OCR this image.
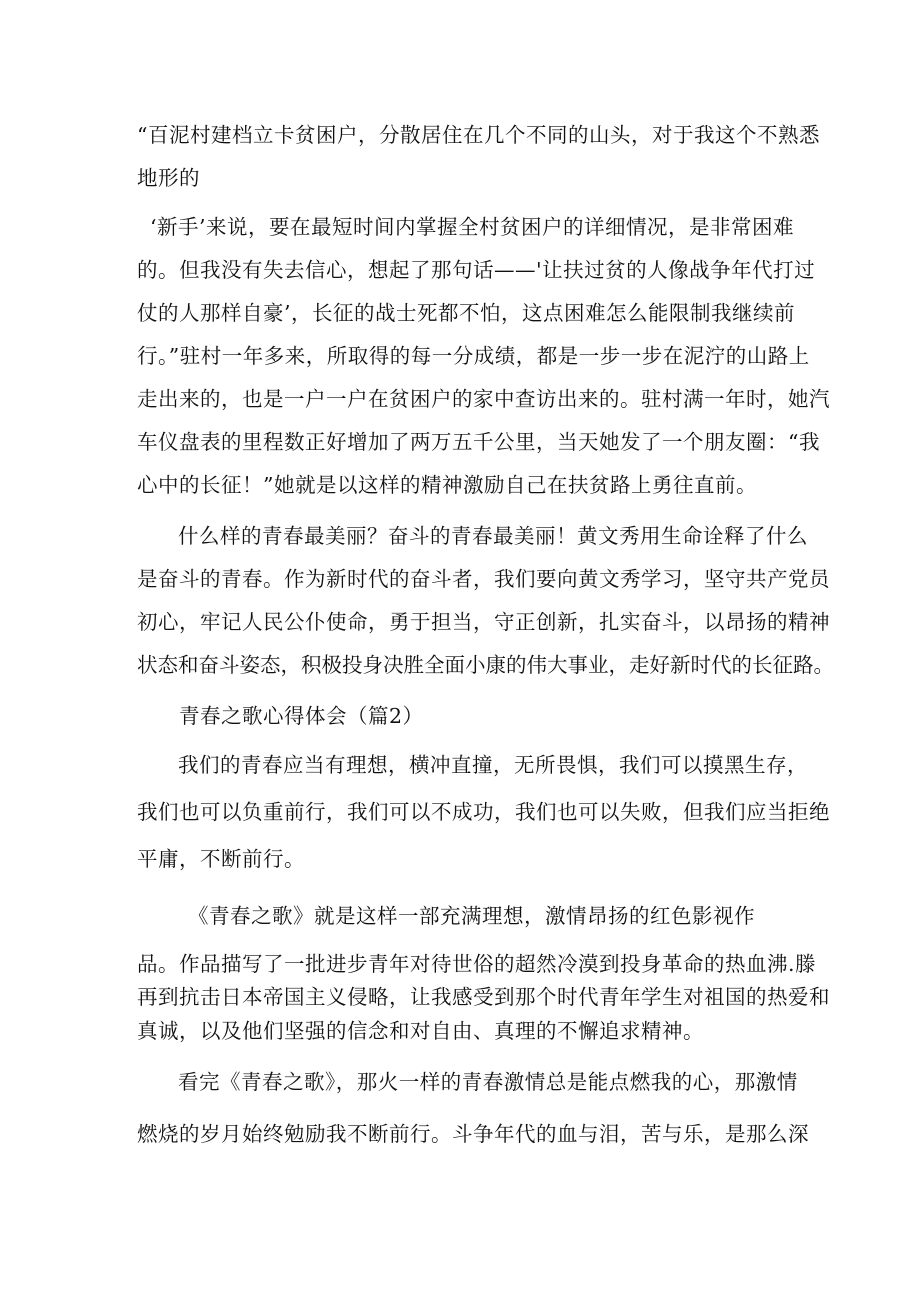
“百泥村建档立卡贫困户，分散居住在几个不同的山头，对于我这个不熟悉
地形的
‘新手’来说，要在最短时间内掌握全村贫困户的详细情况，是非常困难
的。但我没有失去信心，想起了那句话——'让扶过贫的人像战争年代打过
仗的人那样自豪’，长征的战士死都不怕，这点困难怎么能限制我继续前
行。”驻村一年多来，所取得的每一分成绩，都是一步一步在泥泞的山路上
走出来的，也是一户一户在贫困户的家中查访出来的。驻村满一年时，她汽
车仪盘表的里程数正好增加了两万五千公里，当天她发了一个朋友圈：“我
心中的长征！”她就是以这样的精神激励自己在扶贫路上勇往直前。
什么样的青春最美丽？奋斗的青春最美丽！黄文秀用生命诠释了什么
是奋斗的青春。作为新时代的奋斗者，我们要向黄文秀学习，坚守共产党员
初心，牢记人民公仆使命，勇于担当，守正创新，扎实奋斗，以昂扬的精神
状态和奋斗姿态，积极投身决胜全面小康的伟大事业，走好新时代的长征路。
青春之歌心得体会（篇2）
我们的青春应当有理想，横冲直撞，无所畏惧，我们可以摸黑生存，
我们也可以负重前行，我们可以不成功，我们也可以失败，但我们应当拒绝
平庸，不断前行。
《青春之歌》就是这样一部充满理想，激情昂扬的红色影视作
品。作品描写了一批进步青年对待世俗的超然冷漠到投身革命的热血沸.滕
再到抗击日本帝国主义侵略，让我感受到那个时代青年学生对祖国的热爱和
真诚，以及他们坚强的信念和对自由、真理的不懈追求精神。
看完《青春之歌》，那火一样的青春激情总是能点燃我的心，那激情
燃烧的岁月始终勉励我不断前行。斗争年代的血与泪，苦与乐，是那么深
